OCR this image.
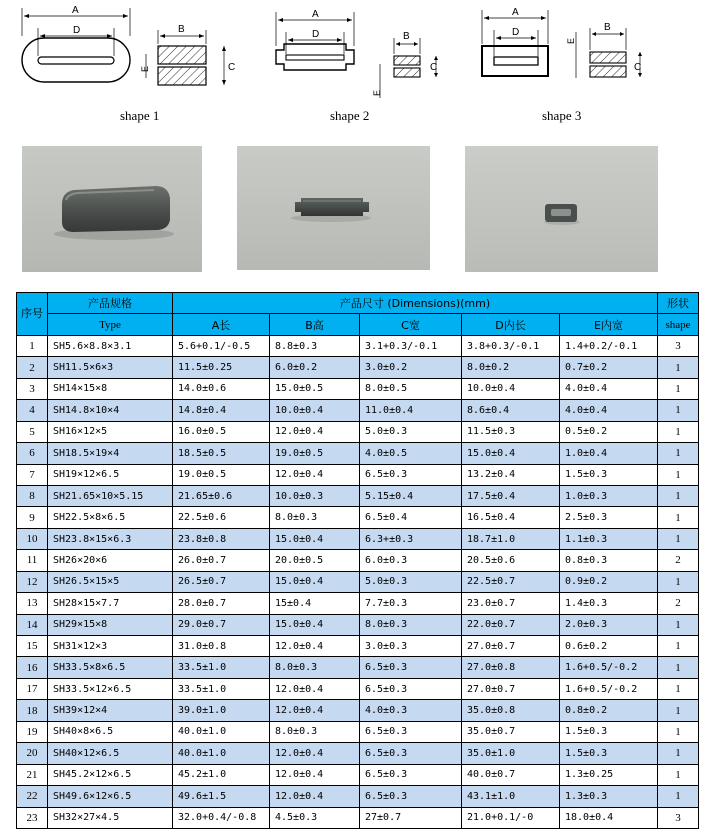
A
D	B
C
E
shape 1
A
D	B
C
E
shape 2
A
D	B
C
E
shape 3
序号	产品规格	产品尺寸 (Dimensions)(mm)					形状
	Type	A长	B高	C宽	D内长	E内宽	shape
1	SH5.6×8.8×3.1	5.6+0.1/-0.5	8.8±0.3	3.1+0.3/-0.1	3.8+0.3/-0.1	1.4+0.2/-0.1	3
2	SH11.5×6×3	11.5±0.25	6.0±0.2	3.0±0.2	8.0±0.2	0.7±0.2	1
3	SH14×15×8	14.0±0.6	15.0±0.5	8.0±0.5	10.0±0.4	4.0±0.4	1
4	SH14.8×10×4	14.8±0.4	10.0±0.4	11.0±0.4	8.6±0.4	4.0±0.4	1
5	SH16×12×5	16.0±0.5	12.0±0.4	5.0±0.3	11.5±0.3	0.5±0.2	1
6	SH18.5×19×4	18.5±0.5	19.0±0.5	4.0±0.5	15.0±0.4	1.0±0.4	1
7	SH19×12×6.5	19.0±0.5	12.0±0.4	6.5±0.3	13.2±0.4	1.5±0.3	1
8	SH21.65×10×5.15	21.65±0.6	10.0±0.3	5.15±0.4	17.5±0.4	1.0±0.3	1
9	SH22.5×8×6.5	22.5±0.6	8.0±0.3	6.5±0.4	16.5±0.4	2.5±0.3	1
10	SH23.8×15×6.3	23.8±0.8	15.0±0.4	6.3+±0.3	18.7±1.0	1.1±0.3	1
11	SH26×20×6	26.0±0.7	20.0±0.5	6.0±0.3	20.5±0.6	0.8±0.3	2
12	SH26.5×15×5	26.5±0.7	15.0±0.4	5.0±0.3	22.5±0.7	0.9±0.2	1
13	SH28×15×7.7	28.0±0.7	15±0.4	7.7±0.3	23.0±0.7	1.4±0.3	2
14	SH29×15×8	29.0±0.7	15.0±0.4	8.0±0.3	22.0±0.7	2.0±0.3	1
15	SH31×12×3	31.0±0.8	12.0±0.4	3.0±0.3	27.0±0.7	0.6±0.2	1
16	SH33.5×8×6.5	33.5±1.0	8.0±0.3	6.5±0.3	27.0±0.8	1.6+0.5/-0.2	1
17	SH33.5×12×6.5	33.5±1.0	12.0±0.4	6.5±0.3	27.0±0.7	1.6+0.5/-0.2	1
18	SH39×12×4	39.0±1.0	12.0±0.4	4.0±0.3	35.0±0.8	0.8±0.2	1
19	SH40×8×6.5	40.0±1.0	8.0±0.3	6.5±0.3	35.0±0.7	1.5±0.3	1
20	SH40×12×6.5	40.0±1.0	12.0±0.4	6.5±0.3	35.0±1.0	1.5±0.3	1
21	SH45.2×12×6.5	45.2±1.0	12.0±0.4	6.5±0.3	40.0±0.7	1.3±0.25	1
22	SH49.6×12×6.5	49.6±1.5	12.0±0.4	6.5±0.3	43.1±1.0	1.3±0.3	1
23	SH32×27×4.5	32.0+0.4/-0.8	4.5±0.3	27±0.7	21.0+0.1/-0	18.0±0.4	3
